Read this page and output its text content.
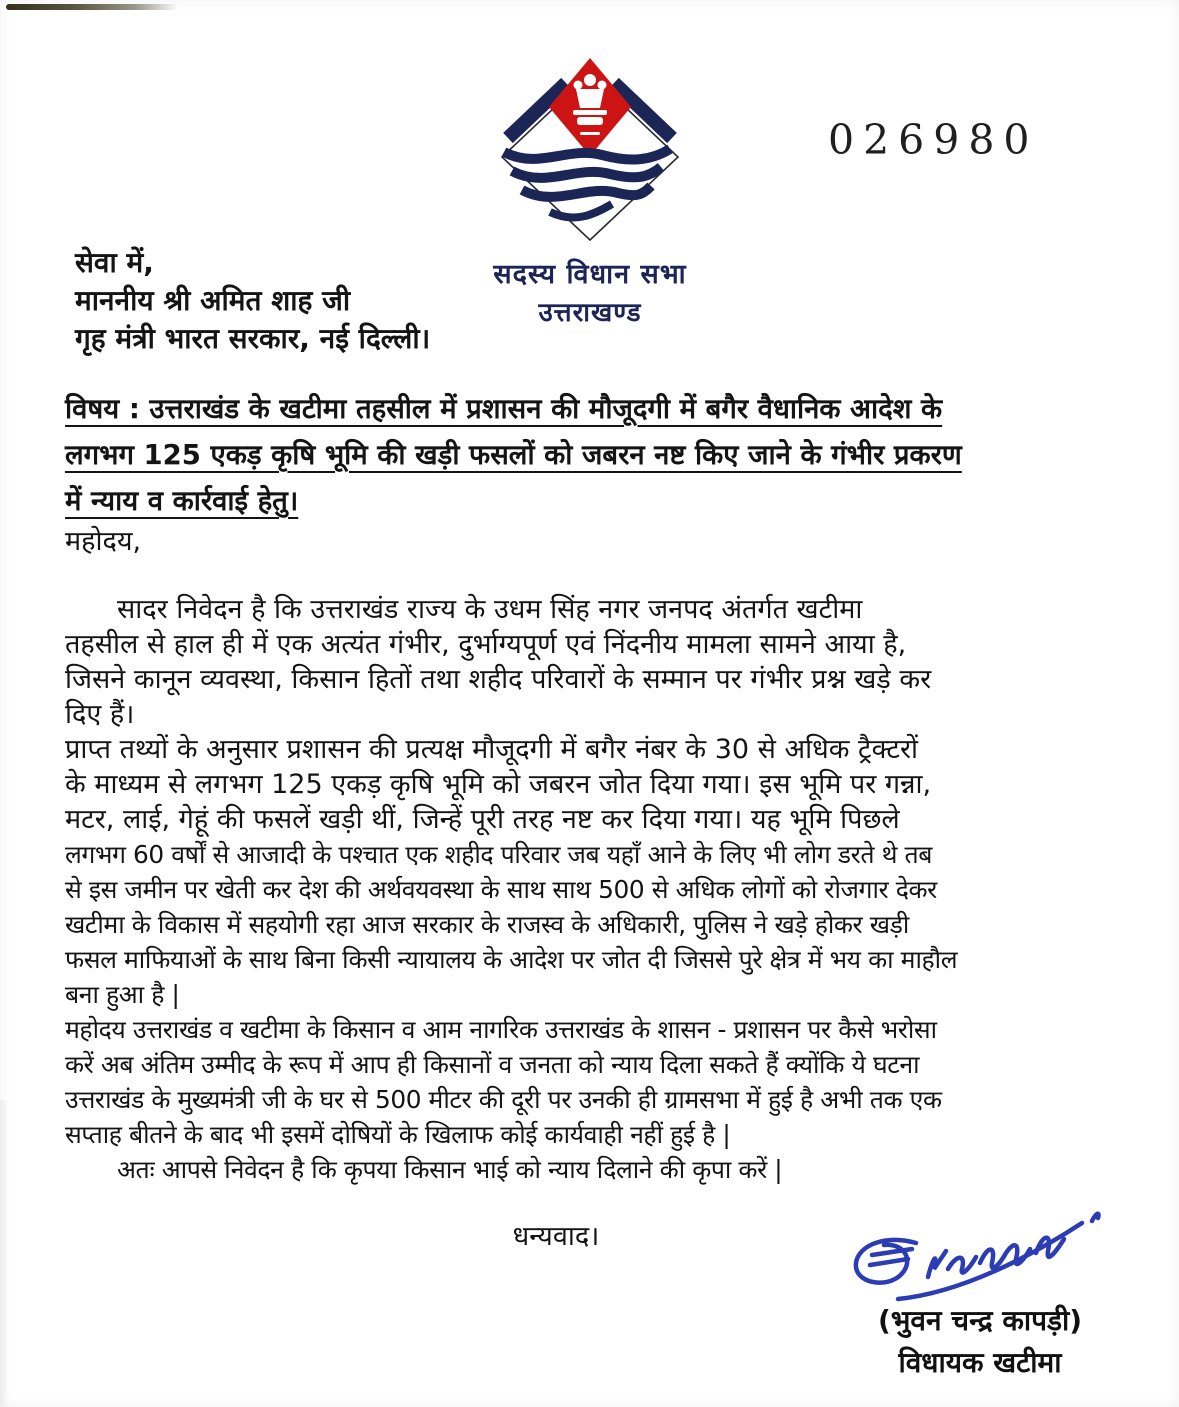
सदस्य विधान सभा
उत्तराखण्ड
026980
सेवा में,
माननीय श्री अमित शाह जी
गृह मंत्री भारत सरकार, नई दिल्ली।
विषय : उत्तराखंड के खटीमा तहसील में प्रशासन की मौजूदगी में बगैर वैधानिक आदेश के
लगभग 125 एकड़ कृषि भूमि की खड़ी फसलों को जबरन नष्ट किए जाने के गंभीर प्रकरण
में न्याय व कार्रवाई हेतु।
महोदय,
सादर निवेदन है कि उत्तराखंड राज्य के उधम सिंह नगर जनपद अंतर्गत खटीमा
तहसील से हाल ही में एक अत्यंत गंभीर, दुर्भाग्यपूर्ण एवं निंदनीय मामला सामने आया है,
जिसने कानून व्यवस्था, किसान हितों तथा शहीद परिवारों के सम्मान पर गंभीर प्रश्न खड़े कर
दिए हैं।
प्राप्त तथ्यों के अनुसार प्रशासन की प्रत्यक्ष मौजूदगी में बगैर नंबर के 30 से अधिक ट्रैक्टरों
के माध्यम से लगभग 125 एकड़ कृषि भूमि को जबरन जोत दिया गया। इस भूमि पर गन्ना,
मटर, लाई, गेहूं की फसलें खड़ी थीं, जिन्हें पूरी तरह नष्ट कर दिया गया। यह भूमि पिछले
लगभग 60 वर्षों से आजादी के पश्चात एक शहीद परिवार जब यहाँ आने के लिए भी लोग डरते थे तब
से इस जमीन पर खेती कर देश की अर्थवयवस्था के साथ साथ 500 से अधिक लोगों को रोजगार देकर
खटीमा के विकास में सहयोगी रहा आज सरकार के राजस्व के अधिकारी, पुलिस ने खड़े होकर खड़ी
फसल माफियाओं के साथ बिना किसी न्यायालय के आदेश पर जोत दी जिससे पुरे क्षेत्र में भय का माहौल
बना हुआ है |
महोदय उत्तराखंड व खटीमा के किसान व आम नागरिक उत्तराखंड के शासन - प्रशासन पर कैसे भरोसा
करें अब अंतिम उम्मीद के रूप में आप ही किसानों व जनता को न्याय दिला सकते हैं क्योंकि ये घटना
उत्तराखंड के मुख्यमंत्री जी के घर से 500 मीटर की दूरी पर उनकी ही ग्रामसभा में हुई है अभी तक एक
सप्ताह बीतने के बाद भी इसमें दोषियों के खिलाफ कोई कार्यवाही नहीं हुई है |
अतः आपसे निवेदन है कि कृपया किसान भाई को न्याय दिलाने की कृपा करें |
धन्यवाद।
(भुवन चन्द्र कापड़ी)
विधायक खटीमा
